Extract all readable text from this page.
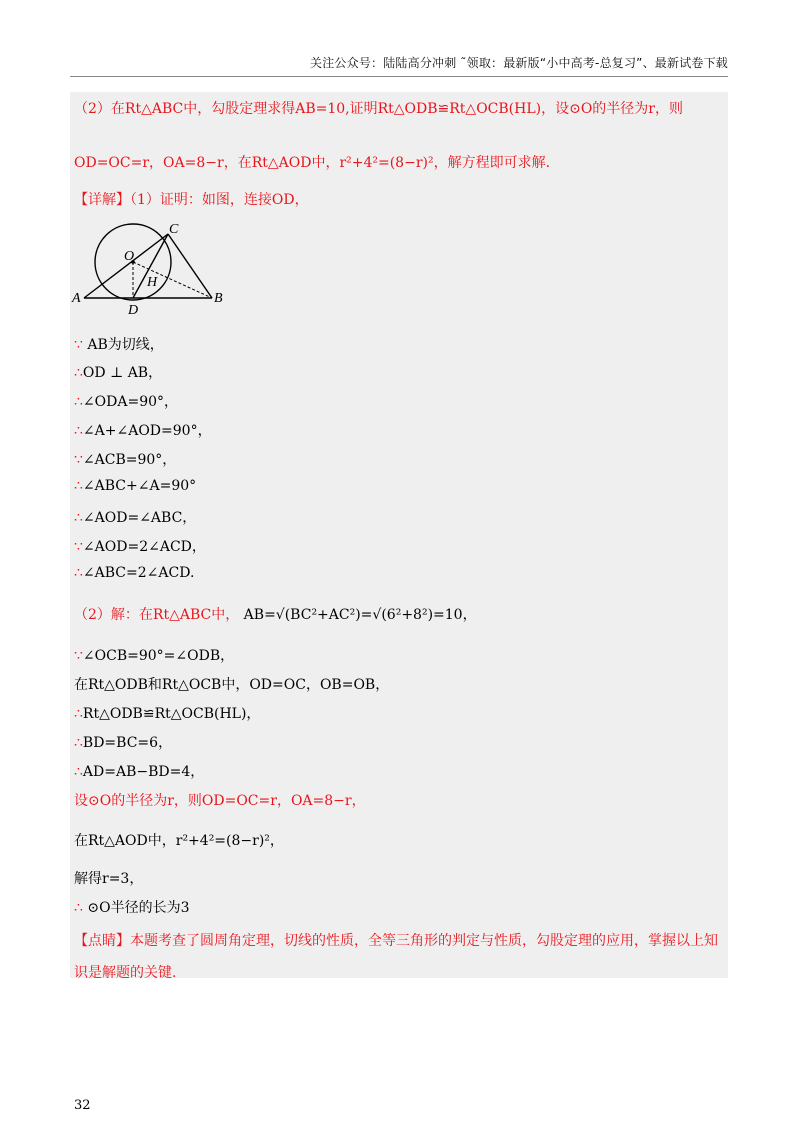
关注公众号：陆陆高分冲刺 ˜领取：最新版“小中高考-总复习”、最新试卷下载
（2）在Rt△ABC中，勾股定理求得AB=10,证明Rt△ODB≌Rt△OCB(HL)，设⊙O的半径为r，则
OD=OC=r，OA=8−r，在Rt△AOD中，r²+4²=(8−r)²，解方程即可求解.
【详解】（1）证明：如图，连接OD，
C
O
H
A
D
B
∵ AB为切线，
∴OD ⊥ AB，
∴∠ODA=90°，
∴∠A+∠AOD=90°，
∵∠ACB=90°，
∴∠ABC+∠A=90°
∴∠AOD=∠ABC，
∵∠AOD=2∠ACD，
∴∠ABC=2∠ACD.
（2）解：在Rt△ABC中， AB=√(BC²+AC²)=√(6²+8²)=10，
∵∠OCB=90°=∠ODB，
在Rt△ODB和Rt△OCB中，OD=OC，OB=OB，
∴Rt△ODB≌Rt△OCB(HL)，
∴BD=BC=6，
∴AD=AB−BD=4，
设⊙O的半径为r，则OD=OC=r，OA=8−r，
在Rt△AOD中，r²+4²=(8−r)²，
解得r=3，
∴ ⊙O半径的长为3
【点睛】本题考查了圆周角定理，切线的性质，全等三角形的判定与性质，勾股定理的应用，掌握以上知
识是解题的关键.
32
